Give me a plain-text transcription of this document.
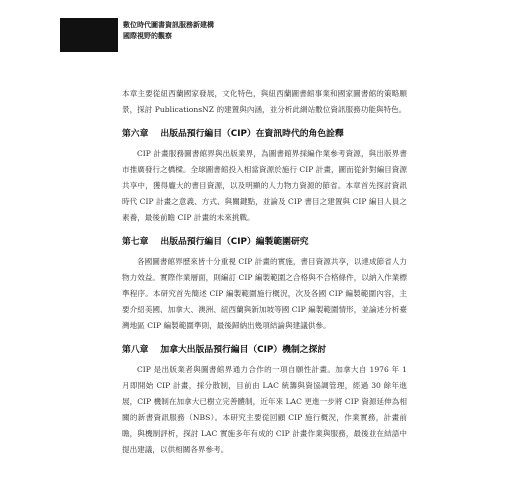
數位時代圖書資訊服務新建構
國際視野的觀察

本章主要從紐西蘭國家發展，文化特色，與紐西蘭圖書館事業和國家圖書館的策略願景，探討 PublicationsNZ 的建置與內涵，並分析此網站數位資訊服務功能與特色。

第六章 出版品預行編目（CIP）在資訊時代的角色詮釋

CIP 計畫服務圖書館界與出版業界，為圖書館界採編作業參考資源，與出版界書市推廣發行之橋樑。全球圖書館投入相當資源於施行 CIP 計畫，圖而從針對編目資源共享中，獲得龐大的書目資源，以及明顯的人力物力資源的節省。本章首先探討資訊時代 CIP 計畫之意義、方式、與關鍵點，並論及 CIP 書目之建置與 CIP 編目人員之素養，最後前瞻 CIP 計畫的未來挑戰。

第七章 出版品預行編目（CIP）編製範圍研究

各國圖書館界歷來皆十分重視 CIP 計畫的實施，書目資源共享，以達成節省人力物力效益。實際作業層面，則編訂 CIP 編製範圍之合格與不合格條件，以納入作業標準程序。本研究首先簡述 CIP 編製範圍施行概況，次及各國 CIP 編製範圍內容，主要介紹美國、加拿大、澳洲、紐西蘭與新加坡等國 CIP 編製範圍情形，並論述分析臺灣地區 CIP 編製範圍準則，最後歸納出幾項結論與建議供參。

第八章 加拿大出版品預行編目（CIP）機制之探討

CIP 是出版業者與圖書館界通力合作的一項自願性計畫。加拿大自 1976 年 1 月即開始 CIP 計畫，採分散制，目前由 LAC 統籌與資協調管理，經過 30 餘年進展，CIP 機制在加拿大已樹立完善體制，近年來 LAC 更進一步將 CIP 資源延伸為相關的新書資訊服務（NBS）。本研究主要從回顧 CIP 施行概況，作業實務，計畫前瞻，與機制評析，探討 LAC 實施多年有成的 CIP 計畫作業與服務，最後並在結語中提出建議，以供相關各界參考。
